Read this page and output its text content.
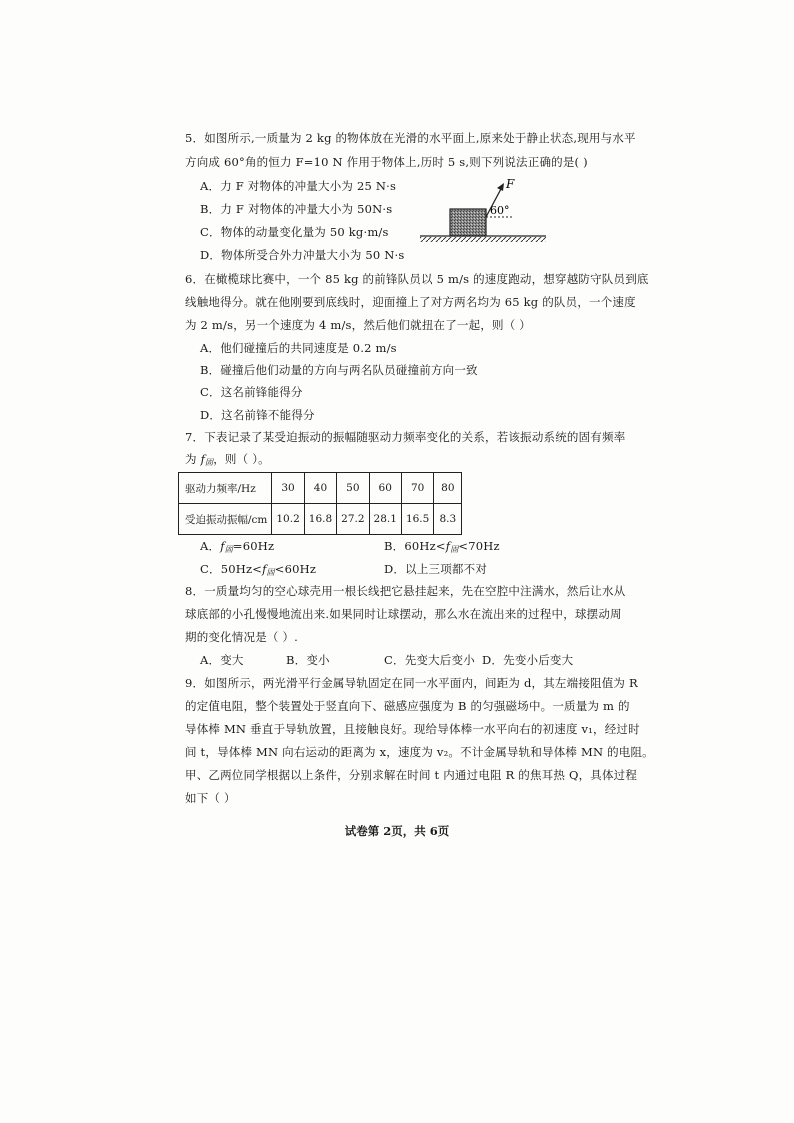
5．如图所示,一质量为 2 kg 的物体放在光滑的水平面上,原来处于静止状态,现用与水平
方向成 60°角的恒力 F=10 N 作用于物体上,历时 5 s,则下列说法正确的是( )
A．力 F 对物体的冲量大小为 25 N·s
B．力 F 对物体的冲量大小为 50N·s
C．物体的动量变化量为 50 kg·m/s
D．物体所受合外力冲量大小为 50 N·s
F
60°
6．在橄榄球比赛中，一个 85 kg 的前锋队员以 5 m/s 的速度跑动，想穿越防守队员到底
线触地得分。就在他刚要到底线时，迎面撞上了对方两名均为 65 kg 的队员，一个速度
为 2 m/s，另一个速度为 4 m/s，然后他们就扭在了一起，则（ ）
A．他们碰撞后的共同速度是 0.2 m/s
B．碰撞后他们动量的方向与两名队员碰撞前方向一致
C．这名前锋能得分
D．这名前锋不能得分
7．下表记录了某受迫振动的振幅随驱动力频率变化的关系，若该振动系统的固有频率
为 $f_固$，则（ ）。
驱动力频率/Hz	30	40	50	60	70	80
受迫振动振幅/cm	10.2	16.8	27.2	28.1	16.5	8.3
A．$f_固=60Hz$	B．$60Hz<f_固<70Hz$
C．$50Hz<f_固<60Hz$	D．以上三项都不对
8．一质量均匀的空心球壳用一根长线把它悬挂起来，先在空腔中注满水，然后让水从
球底部的小孔慢慢地流出来.如果同时让球摆动，那么水在流出来的过程中，球摆动周
期的变化情况是（ ）.
A．变大	B．变小	C．先变大后变小 D．先变小后变大
9．如图所示，两光滑平行金属导轨固定在同一水平面内，间距为 d，其左端接阻值为 R
的定值电阻，整个装置处于竖直向下、磁感应强度为 B 的匀强磁场中。一质量为 m 的
导体棒 MN 垂直于导轨放置，且接触良好。现给导体棒一水平向右的初速度 v₁，经过时
间 t，导体棒 MN 向右运动的距离为 x，速度为 v₂。不计金属导轨和导体棒 MN 的电阻。
甲、乙两位同学根据以上条件，分别求解在时间 t 内通过电阻 R 的焦耳热 Q，具体过程
如下（ ）
试卷第 2页，共 6页
